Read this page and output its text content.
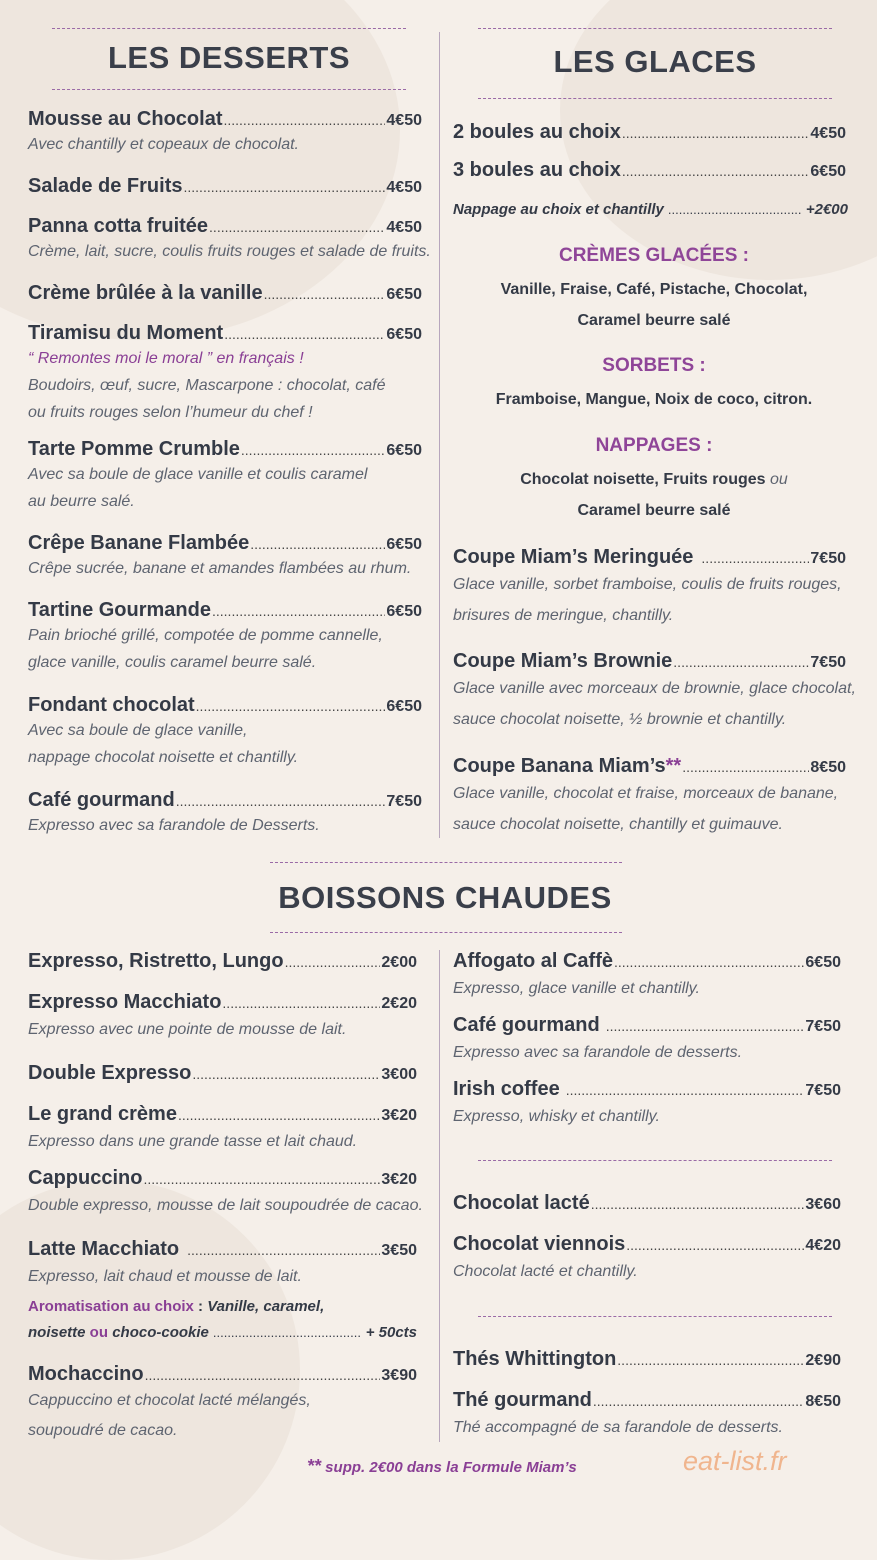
LES DESSERTS	LES GLACES
BOISSONS CHAUDES
Mousse au Chocolat .....	4€50
Avec chantilly et copeaux de chocolat.
Salade de Fruits .....	4€50
Panna cotta fruitée .....	4€50
Crème, lait, sucre, coulis fruits rouges et salade de fruits.
Crème brûlée à la vanille .....	6€50
Tiramisu du Moment .....	6€50
“ Remontes moi le moral ” en français !
Boudoirs, œuf, sucre, Mascarpone : chocolat, café
ou fruits rouges selon l’humeur du chef !
Tarte Pomme Crumble .....	6€50
Avec sa boule de glace vanille et coulis caramel
au beurre salé.
Crêpe Banane Flambée .....	6€50
Crêpe sucrée, banane et amandes flambées au rhum.
Tartine Gourmande .....	6€50
Pain brioché grillé, compotée de pomme cannelle,
glace vanille, coulis caramel beurre salé.
Fondant chocolat .....	6€50
Avec sa boule de glace vanille,
nappage chocolat noisette et chantilly.
Café gourmand .....	7€50
Expresso avec sa farandole de Desserts.
2 boules au choix .....	4€50
3 boules au choix .....	6€50
Nappage au choix et chantilly .....	+2€00
CRÈMES GLACÉES :
Vanille, Fraise, Café, Pistache, Chocolat,
Caramel beurre salé
SORBETS :
Framboise, Mangue, Noix de coco, citron.
NAPPAGES :
Chocolat noisette, Fruits rouges ou
Caramel beurre salé
Coupe Miam’s Meringuée .....	7€50
Glace vanille, sorbet framboise, coulis de fruits rouges,
brisures de meringue, chantilly.
Coupe Miam’s Brownie .....	7€50
Glace vanille avec morceaux de brownie, glace chocolat,
sauce chocolat noisette, ½ brownie et chantilly.
Coupe Banana Miam’s ** .....	8€50
Glace vanille, chocolat et fraise, morceaux de banane,
sauce chocolat noisette, chantilly et guimauve.
Expresso, Ristretto, Lungo .....	2€00
Expresso Macchiato .....	2€20
Expresso avec une pointe de mousse de lait.
Double Expresso .....	3€00
Le grand crème .....	3€20
Expresso dans une grande tasse et lait chaud.
Cappuccino .....	3€20
Double expresso, mousse de lait soupoudrée de cacao.
Latte Macchiato .....	3€50
Expresso, lait chaud et mousse de lait.
Aromatisation au choix : Vanille, caramel,
noisette ou choco-cookie .....	+ 50cts
Mochaccino .....	3€90
Cappuccino et chocolat lacté mélangés,
soupoudré de cacao.
Affogato al Caffè .....	6€50
Expresso, glace vanille et chantilly.
Café gourmand .....	7€50
Expresso avec sa farandole de desserts.
Irish coffee .....	7€50
Expresso, whisky et chantilly.
Chocolat lacté .....	3€60
Chocolat viennois .....	4€20
Chocolat lacté et chantilly.
Thés Whittington .....	2€90
Thé gourmand .....	8€50
Thé accompagné de sa farandole de desserts.
** supp. 2€00 dans la Formule Miam’s	eat-list.fr
